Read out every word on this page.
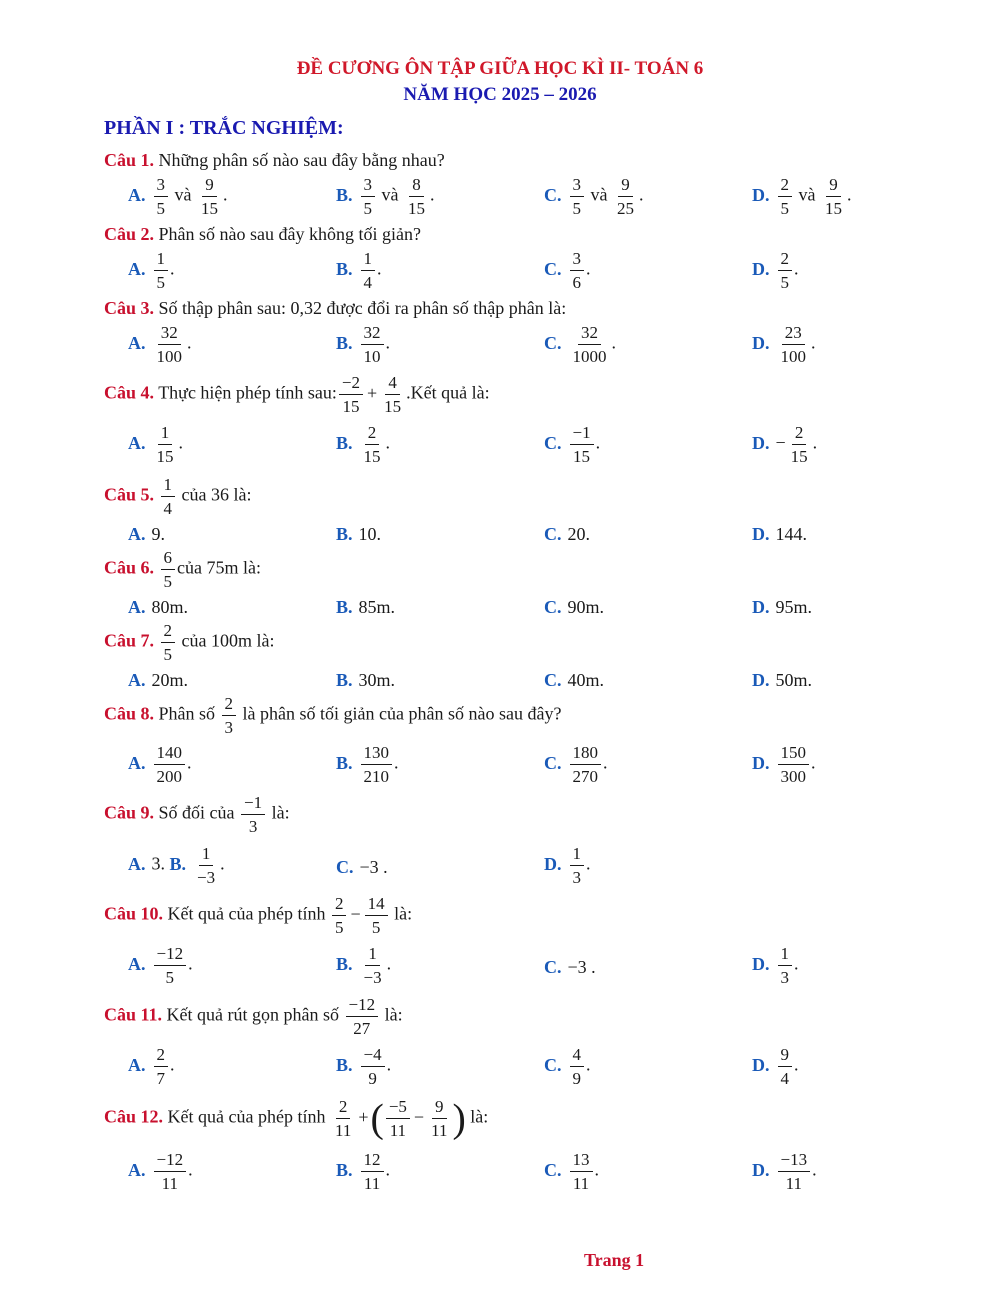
ĐỀ CƯƠNG ÔN TẬP GIỮA HỌC KÌ II- TOÁN 6
NĂM HỌC 2025 – 2026
PHẦN I : TRẮC NGHIỆM:
Câu 1. Những phân số nào sau đây bằng nhau?
A. $\frac{3}{5}$ và $\frac{9}{15}$ .	B. $\frac{3}{5}$ và $\frac{8}{15}$ .	C. $\frac{3}{5}$ và $\frac{9}{25}$ .	D. $\frac{2}{5}$ và $\frac{9}{15}$ .
Câu 2. Phân số nào sau đây không tối giản?
A. $\frac{1}{5}$ .	B. $\frac{1}{4}$ .	C. $\frac{3}{6}$ .	D. $\frac{2}{5}$ .
Câu 3. Số thập phân sau: 0,32 được đổi ra phân số thập phân là:
A. $\frac{32}{100}$ .	B. $\frac{32}{10}$ .	C. $\frac{32}{1000}$ .	D. $\frac{23}{100}$ .
Câu 4. Thực hiện phép tính sau: $\frac{-2}{15} + \frac{4}{15}$ .Kết quả là:
A. $\frac{1}{15}$ .	B. $\frac{2}{15}$ .	C. $\frac{-1}{15}$ .	D. − $\frac{2}{15}$ .
Câu 5. $\frac{1}{4}$ của 36 là:
A. 9.	B. 10.	C. 20.	D. 144.
Câu 6. $\frac{6}{5}$ của 75m là:
A. 80m.	B. 85m.	C. 90m.	D. 95m.
Câu 7. $\frac{2}{5}$ của 100m là:
A. 20m.	B. 30m.	C. 40m.	D. 50m.
Câu 8. Phân số $\frac{2}{3}$ là phân số tối giản của phân số nào sau đây?
A. $\frac{140}{200}$ .	B. $\frac{130}{210}$ .	C. $\frac{180}{270}$ .	D. $\frac{150}{300}$ .
Câu 9. Số đối của $\frac{-1}{3}$ là:
A. 3. B. $\frac{1}{-3}$ .	C. −3 .	D. $\frac{1}{3}$ .
Câu 10. Kết quả của phép tính $\frac{2}{5} - \frac{14}{5}$ là:
A. $\frac{-12}{5}$ .	B. $\frac{1}{-3}$ .	C. −3 .	D. $\frac{1}{3}$ .
Câu 11. Kết quả rút gọn phân số $\frac{-12}{27}$ là:
A. $\frac{2}{7}$ .	B. $\frac{-4}{9}$ .	C. $\frac{4}{9}$ .	D. $\frac{9}{4}$ .
Câu 12. Kết quả của phép tính $\frac{2}{11}$ +( $\frac{-5}{11} - \frac{9}{11}$ ) là:
A. $\frac{-12}{11}$ .	B. $\frac{12}{11}$ .	C. $\frac{13}{11}$ .	D. $\frac{-13}{11}$ .
Trang 1
